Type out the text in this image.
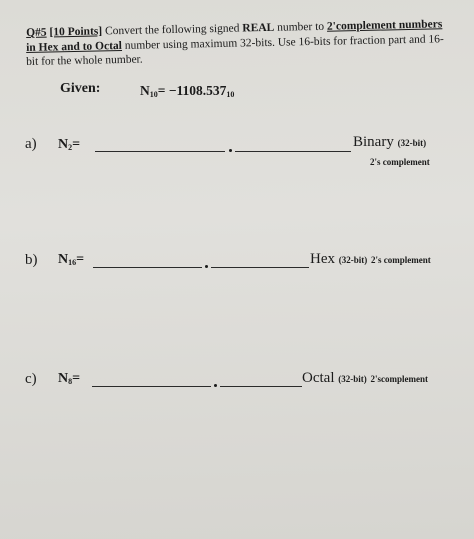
Q#5 [10 Points] Convert the following signed REAL number to 2'complement numbers
in Hex and to Octal number using maximum 32-bits. Use 16-bits for fraction part and 16-
bit for the whole number.
Given:	$N_{10}= -1108.537_{10}$
a) $N_2=$	Binary (32-bit)
2's complement
b) $N_{16}=$	Hex (32-bit) 2's complement
c) $N_8=$	Octal (32-bit) 2'scomplement
